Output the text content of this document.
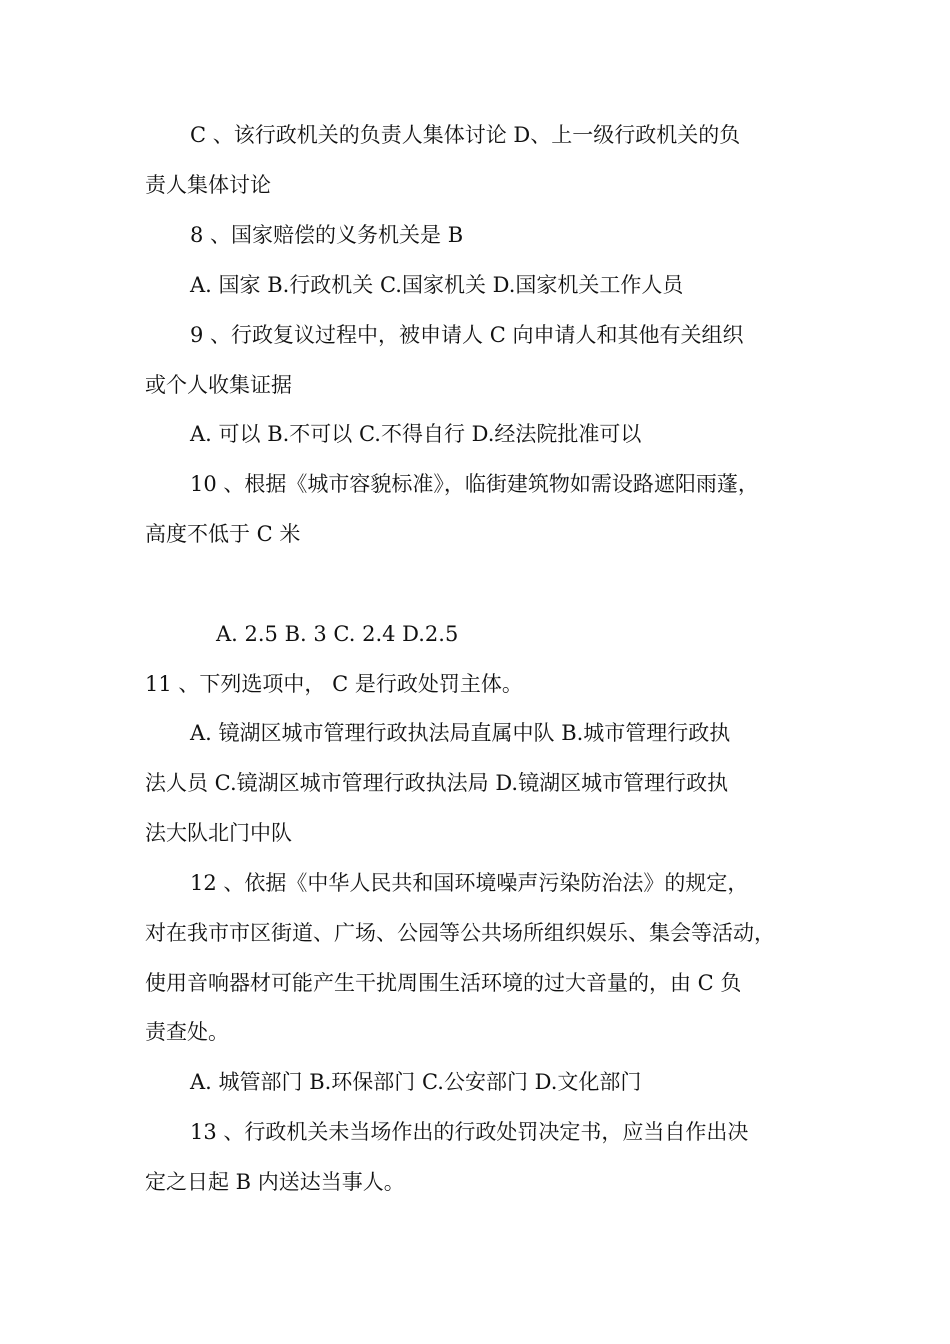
C 、该行政机关的负责人集体讨论 D、上一级行政机关的负
责人集体讨论
8 、国家赔偿的义务机关是 B
A. 国家 B.行政机关 C.国家机关 D.国家机关工作人员
9 、行政复议过程中，被申请人 C 向申请人和其他有关组织
或个人收集证据
A. 可以 B.不可以 C.不得自行 D.经法院批准可以
10 、根据《城市容貌标准》，临街建筑物如需设路遮阳雨蓬，
高度不低于 C 米
A. 2.5 B. 3 C. 2.4 D.2.5
11 、下列选项中， C 是行政处罚主体。
A. 镜湖区城市管理行政执法局直属中队 B.城市管理行政执
法人员 C.镜湖区城市管理行政执法局 D.镜湖区城市管理行政执
法大队北门中队
12 、依据《中华人民共和国环境噪声污染防治法》的规定，
对在我市市区街道、广场、公园等公共场所组织娱乐、集会等活动，
使用音响器材可能产生干扰周围生活环境的过大音量的，由 C 负
责查处。
A. 城管部门 B.环保部门 C.公安部门 D.文化部门
13 、行政机关未当场作出的行政处罚决定书，应当自作出决
定之日起 B 内送达当事人。
